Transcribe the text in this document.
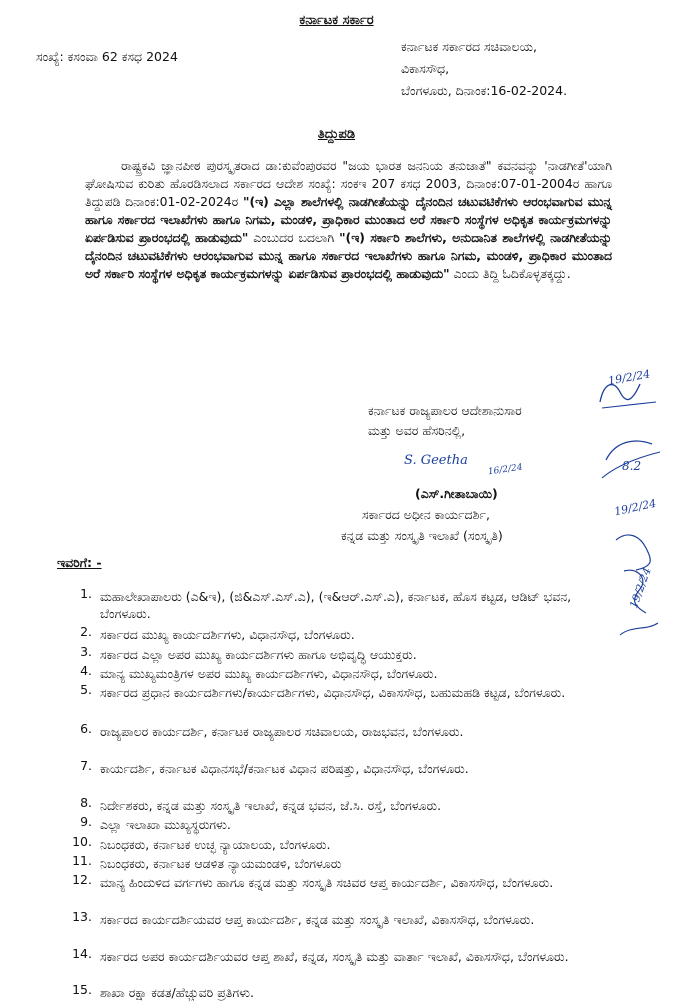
ಕರ್ನಾಟಕ ಸರ್ಕಾರ
ಸಂಖ್ಯೆ: ಕಸಂವಾ 62 ಕಸಧ 2024
ಕರ್ನಾಟಕ ಸರ್ಕಾರದ ಸಚಿವಾಲಯ,
ವಿಕಾಸಸೌಧ,
ಬೆಂಗಳೂರು, ದಿನಾಂಕ:16-02-2024.
ತಿದ್ದುಪಡಿ
ರಾಷ್ಟ್ರಕವಿ ಜ್ಞಾನಪೀಠ ಪುರಸ್ಕೃತರಾದ ಡಾ:ಕುವೆಂಪುರವರ "ಜಯ ಭಾರತ ಜನನಿಯ ತನುಜಾತೆ" ಕವನವನ್ನು 'ನಾಡಗೀತೆ'ಯಾಗಿ ಘೋಷಿಸುವ ಕುರಿತು ಹೊರಡಿಸಲಾದ ಸರ್ಕಾರದ ಆದೇಶ ಸಂಖ್ಯೆ: ಸಂಕಇ 207 ಕಸಧ 2003, ದಿನಾಂಕ:07-01-2004ರ ಹಾಗೂ ತಿದ್ದುಪಡಿ ದಿನಾಂಕ:01-02-2024ರ "(ಇ) ಎಲ್ಲಾ ಶಾಲೆಗಳಲ್ಲಿ ನಾಡಗೀತೆಯನ್ನು ದೈನಂದಿನ ಚಟುವಟಿಕೆಗಳು ಆರಂಭವಾಗುವ ಮುನ್ನ ಹಾಗೂ ಸರ್ಕಾರದ ಇಲಾಖೆಗಳು ಹಾಗೂ ನಿಗಮ, ಮಂಡಳಿ, ಪ್ರಾಧಿಕಾರ ಮುಂತಾದ ಅರೆ ಸರ್ಕಾರಿ ಸಂಸ್ಥೆಗಳ ಅಧಿಕೃತ ಕಾರ್ಯಕ್ರಮಗಳನ್ನು ಏರ್ಪಡಿಸುವ ಪ್ರಾರಂಭದಲ್ಲಿ ಹಾಡುವುದು" ಎಂಬುದರ ಬದಲಾಗಿ "(ಇ) ಸರ್ಕಾರಿ ಶಾಲೆಗಳು, ಅನುದಾನಿತ ಶಾಲೆಗಳಲ್ಲಿ ನಾಡಗೀತೆಯನ್ನು ದೈನಂದಿನ ಚಟುವಟಿಕೆಗಳು ಆರಂಭವಾಗುವ ಮುನ್ನ ಹಾಗೂ ಸರ್ಕಾರದ ಇಲಾಖೆಗಳು ಹಾಗೂ ನಿಗಮ, ಮಂಡಳಿ, ಪ್ರಾಧಿಕಾರ ಮುಂತಾದ ಅರೆ ಸರ್ಕಾರಿ ಸಂಸ್ಥೆಗಳ ಅಧಿಕೃತ ಕಾರ್ಯಕ್ರಮಗಳನ್ನು ಏರ್ಪಡಿಸುವ ಪ್ರಾರಂಭದಲ್ಲಿ ಹಾಡುವುದು" ಎಂದು ತಿದ್ದಿ ಓದಿಕೊಳ್ಳತಕ್ಕದ್ದು.
ಕರ್ನಾಟಕ ರಾಜ್ಯಪಾಲರ ಆದೇಶಾನುಸಾರ
ಮತ್ತು ಅವರ ಹೆಸರಿನಲ್ಲಿ,
S. Geetha
16/2/24
(ಎಸ್.ಗೀತಾಬಾಯಿ)
ಸರ್ಕಾರದ ಅಧೀನ ಕಾರ್ಯದರ್ಶಿ,
ಕನ್ನಡ ಮತ್ತು ಸಂಸ್ಕೃತಿ ಇಲಾಖೆ (ಸಂಸ್ಕೃತಿ)
ಇವರಿಗೆ: -
1. ಮಹಾಲೇಖಾಪಾಲರು (ಎ&ಇ), (ಜಿ&ಎಸ್.ಎಸ್.ಎ), (ಇ&ಆರ್.ಎಸ್.ಎ), ಕರ್ನಾಟಕ, ಹೊಸ ಕಟ್ಟಡ, ಆಡಿಟ್ ಭವನ, ಬೆಂಗಳೂರು.
2. ಸರ್ಕಾರದ ಮುಖ್ಯ ಕಾರ್ಯದರ್ಶಿಗಳು, ವಿಧಾನಸೌಧ, ಬೆಂಗಳೂರು.
3. ಸರ್ಕಾರದ ಎಲ್ಲಾ ಅಪರ ಮುಖ್ಯ ಕಾರ್ಯದರ್ಶಿಗಳು ಹಾಗೂ ಅಭಿವೃದ್ಧಿ ಆಯುಕ್ತರು.
4. ಮಾನ್ಯ ಮುಖ್ಯಮಂತ್ರಿಗಳ ಅಪರ ಮುಖ್ಯ ಕಾರ್ಯದರ್ಶಿಗಳು, ವಿಧಾನಸೌಧ, ಬೆಂಗಳೂರು.
5. ಸರ್ಕಾರದ ಪ್ರಧಾನ ಕಾರ್ಯದರ್ಶಿಗಳು/ಕಾರ್ಯದರ್ಶಿಗಳು, ವಿಧಾನಸೌಧ, ವಿಕಾಸಸೌಧ, ಬಹುಮಹಡಿ ಕಟ್ಟಡ, ಬೆಂಗಳೂರು.
6. ರಾಜ್ಯಪಾಲರ ಕಾರ್ಯದರ್ಶಿ, ಕರ್ನಾಟಕ ರಾಜ್ಯಪಾಲರ ಸಚಿವಾಲಯ, ರಾಜಭವನ, ಬೆಂಗಳೂರು.
7. ಕಾರ್ಯದರ್ಶಿ, ಕರ್ನಾಟಕ ವಿಧಾನಸಭೆ/ಕರ್ನಾಟಕ ವಿಧಾನ ಪರಿಷತ್ತು, ವಿಧಾನಸೌಧ, ಬೆಂಗಳೂರು.
8. ನಿರ್ದೇಶಕರು, ಕನ್ನಡ ಮತ್ತು ಸಂಸ್ಕೃತಿ ಇಲಾಖೆ, ಕನ್ನಡ ಭವನ, ಜೆ.ಸಿ. ರಸ್ತೆ, ಬೆಂಗಳೂರು.
9. ಎಲ್ಲಾ ಇಲಾಖಾ ಮುಖ್ಯಸ್ಥರುಗಳು.
10. ನಿಬಂಧಕರು, ಕರ್ನಾಟಕ ಉಚ್ಛ ನ್ಯಾಯಾಲಯ, ಬೆಂಗಳೂರು.
11. ನಿಬಂಧಕರು, ಕರ್ನಾಟಕ ಆಡಳಿತ ನ್ಯಾಯಮಂಡಳಿ, ಬೆಂಗಳೂರು
12. ಮಾನ್ಯ ಹಿಂದುಳಿದ ವರ್ಗಗಳು ಹಾಗೂ ಕನ್ನಡ ಮತ್ತು ಸಂಸ್ಕೃತಿ ಸಚಿವರ ಆಪ್ತ ಕಾರ್ಯದರ್ಶಿ, ವಿಕಾಸಸೌಧ, ಬೆಂಗಳೂರು.
13. ಸರ್ಕಾರದ ಕಾರ್ಯದರ್ಶಿಯವರ ಆಪ್ತ ಕಾರ್ಯದರ್ಶಿ, ಕನ್ನಡ ಮತ್ತು ಸಂಸ್ಕೃತಿ ಇಲಾಖೆ, ವಿಕಾಸಸೌಧ, ಬೆಂಗಳೂರು.
14. ಸರ್ಕಾರದ ಅಪರ ಕಾರ್ಯದರ್ಶಿಯವರ ಆಪ್ತ ಶಾಖೆ, ಕನ್ನಡ, ಸಂಸ್ಕೃತಿ ಮತ್ತು ವಾರ್ತಾ ಇಲಾಖೆ, ವಿಕಾಸಸೌಧ, ಬೆಂಗಳೂರು.
15. ಶಾಖಾ ರಕ್ಷಾ ಕಡತ/ಹೆಚ್ಚುವರಿ ಪ್ರತಿಗಳು.
19/2/24
8.2
19/2/24
19/2/24
